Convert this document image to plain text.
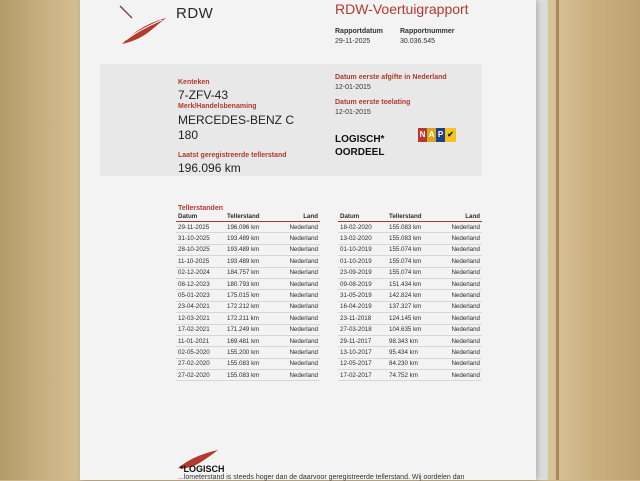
RDW	RDW-Voertuigrapport
Rapportdatum
29-11-2025
Rapportnummer
30.036.545
Kenteken
7-ZFV-43
Merk/Handelsbenaming
MERCEDES-BENZ C
180
Laatst geregistreerde tellerstand
196.096 km
Datum eerste afgifte in Nederland
12-01-2015
Datum eerste toelating
12-01-2015
LOGISCH*
OORDEEL
N A P ✔
Tellerstanden
Datum	Tellerstand	Land
29-11-2025	196.096 km	Nederland
31-10-2025	193.489 km	Nederland
28-10-2025	193.489 km	Nederland
11-10-2025	193.489 km	Nederland
02-12-2024	184.757 km	Nederland
08-12-2023	180.793 km	Nederland
05-01-2023	175.015 km	Nederland
23-04-2021	172.212 km	Nederland
12-03-2021	172.211 km	Nederland
17-02-2021	171.249 km	Nederland
11-01-2021	169.481 km	Nederland
02-05-2020	155.200 km	Nederland
27-02-2020	155.083 km	Nederland
27-02-2020	155.083 km	Nederland
Datum	Tellerstand	Land
18-02-2020	155.083 km	Nederland
13-02-2020	155.083 km	Nederland
01-10-2019	155.074 km	Nederland
01-10-2019	155.074 km	Nederland
23-09-2019	155.074 km	Nederland
09-08-2019	151.434 km	Nederland
31-05-2019	142.824 km	Nederland
16-04-2019	137.327 km	Nederland
23-11-2018	124.145 km	Nederland
27-03-2018	104.635 km	Nederland
29-11-2017	98.343 km	Nederland
13-10-2017	95.434 km	Nederland
12-05-2017	84.230 km	Nederland
17-02-2017	74.752 km	Nederland
*LOGISCH
...lometerstand is steeds hoger dan de daarvoor geregistreerde tellerstand. Wij oordelen dan
